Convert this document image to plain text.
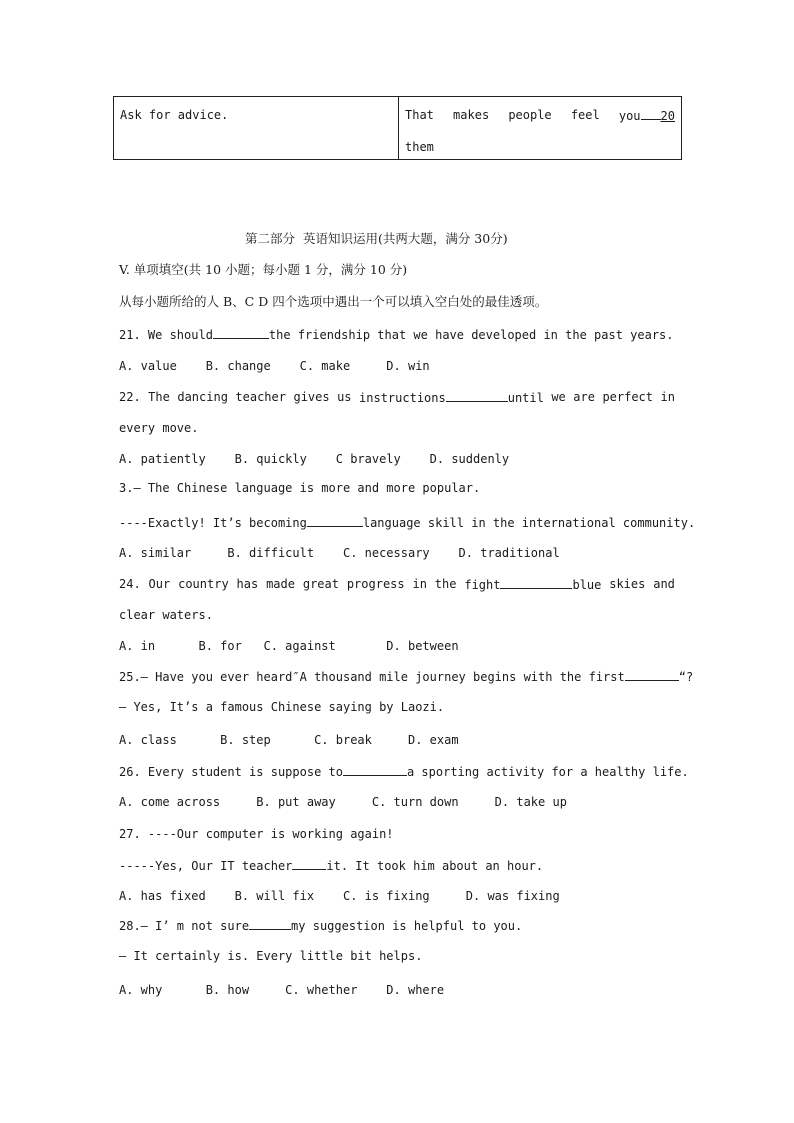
Ask for advice.	That makes people feel you 20
them
第二部分  英语知识运用(共两大题，满分 30分)
V. 单项填空(共 10 小题；每小题 1 分，满分 10 分)
从每小题所给的人 B、C D 四个选项中遇出一个可以填入空白处的最佳透项。
21. We should	the friendship that we have developed in the past years.
A. value    B. change    C. make     D. win
22. The dancing teacher gives us instructions	until we are perfect in
every move.
A. patiently    B. quickly    C bravely    D. suddenly
3.— The Chinese language is more and more popular.
----Exactly! It’s becoming	language skill in the international community.
A. similar     B. difficult    C. necessary    D. traditional
24. Our country has made great progress in the fight	blue skies and
clear waters.
A. in      B. for   C. against       D. between
25.— Have you ever heard″A thousand mile journey begins with the first	“?
— Yes, It’s a famous Chinese saying by Laozi.
A. class      B. step      C. break     D. exam
26. Every student is suppose to	a sporting activity for a healthy life.
A. come across     B. put away     C. turn down     D. take up
27. ----Our computer is working again!
-----Yes, Our IT teacher	it. It took him about an hour.
A. has fixed    B. will fix    C. is fixing     D. was fixing
28.— I’ m not sure	my suggestion is helpful to you.
— It certainly is. Every little bit helps.
A. why      B. how     C. whether    D. where
